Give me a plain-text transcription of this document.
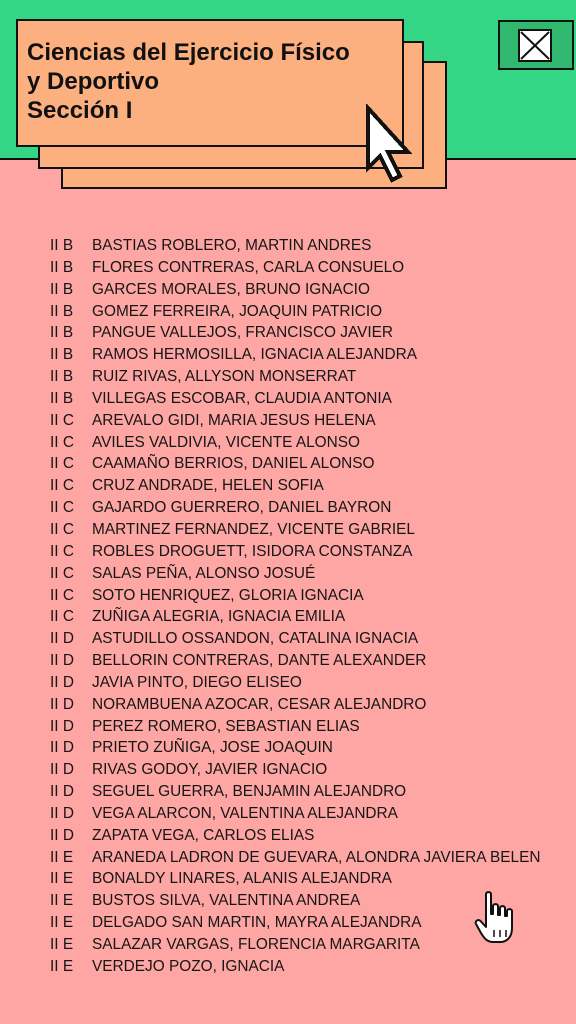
Ciencias del Ejercicio Físico
y Deportivo
Sección I
II B BASTIAS ROBLERO, MARTIN ANDRES
II B FLORES CONTRERAS, CARLA CONSUELO
II B GARCES MORALES, BRUNO IGNACIO
II B GOMEZ FERREIRA, JOAQUIN PATRICIO
II B PANGUE VALLEJOS, FRANCISCO JAVIER
II B RAMOS HERMOSILLA, IGNACIA ALEJANDRA
II B RUIZ RIVAS, ALLYSON MONSERRAT
II B VILLEGAS ESCOBAR, CLAUDIA ANTONIA
II C AREVALO GIDI, MARIA JESUS HELENA
II C AVILES VALDIVIA, VICENTE ALONSO
II C CAAMAÑO BERRIOS, DANIEL ALONSO
II C CRUZ ANDRADE, HELEN SOFIA
II C GAJARDO GUERRERO, DANIEL BAYRON
II C MARTINEZ FERNANDEZ, VICENTE GABRIEL
II C ROBLES DROGUETT, ISIDORA CONSTANZA
II C SALAS PEÑA, ALONSO JOSUÉ
II C SOTO HENRIQUEZ, GLORIA IGNACIA
II C ZUÑIGA ALEGRIA, IGNACIA EMILIA
II D ASTUDILLO OSSANDON, CATALINA IGNACIA
II D BELLORIN CONTRERAS, DANTE ALEXANDER
II D JAVIA PINTO, DIEGO ELISEO
II D NORAMBUENA AZOCAR, CESAR ALEJANDRO
II D PEREZ ROMERO, SEBASTIAN ELIAS
II D PRIETO ZUÑIGA, JOSE JOAQUIN
II D RIVAS GODOY, JAVIER IGNACIO
II D SEGUEL GUERRA, BENJAMIN ALEJANDRO
II D VEGA ALARCON, VALENTINA ALEJANDRA
II D ZAPATA VEGA, CARLOS ELIAS
II E ARANEDA LADRON DE GUEVARA, ALONDRA JAVIERA BELEN
II E BONALDY LINARES, ALANIS ALEJANDRA
II E BUSTOS SILVA, VALENTINA ANDREA
II E DELGADO SAN MARTIN, MAYRA ALEJANDRA
II E SALAZAR VARGAS, FLORENCIA MARGARITA
II E VERDEJO POZO, IGNACIA
